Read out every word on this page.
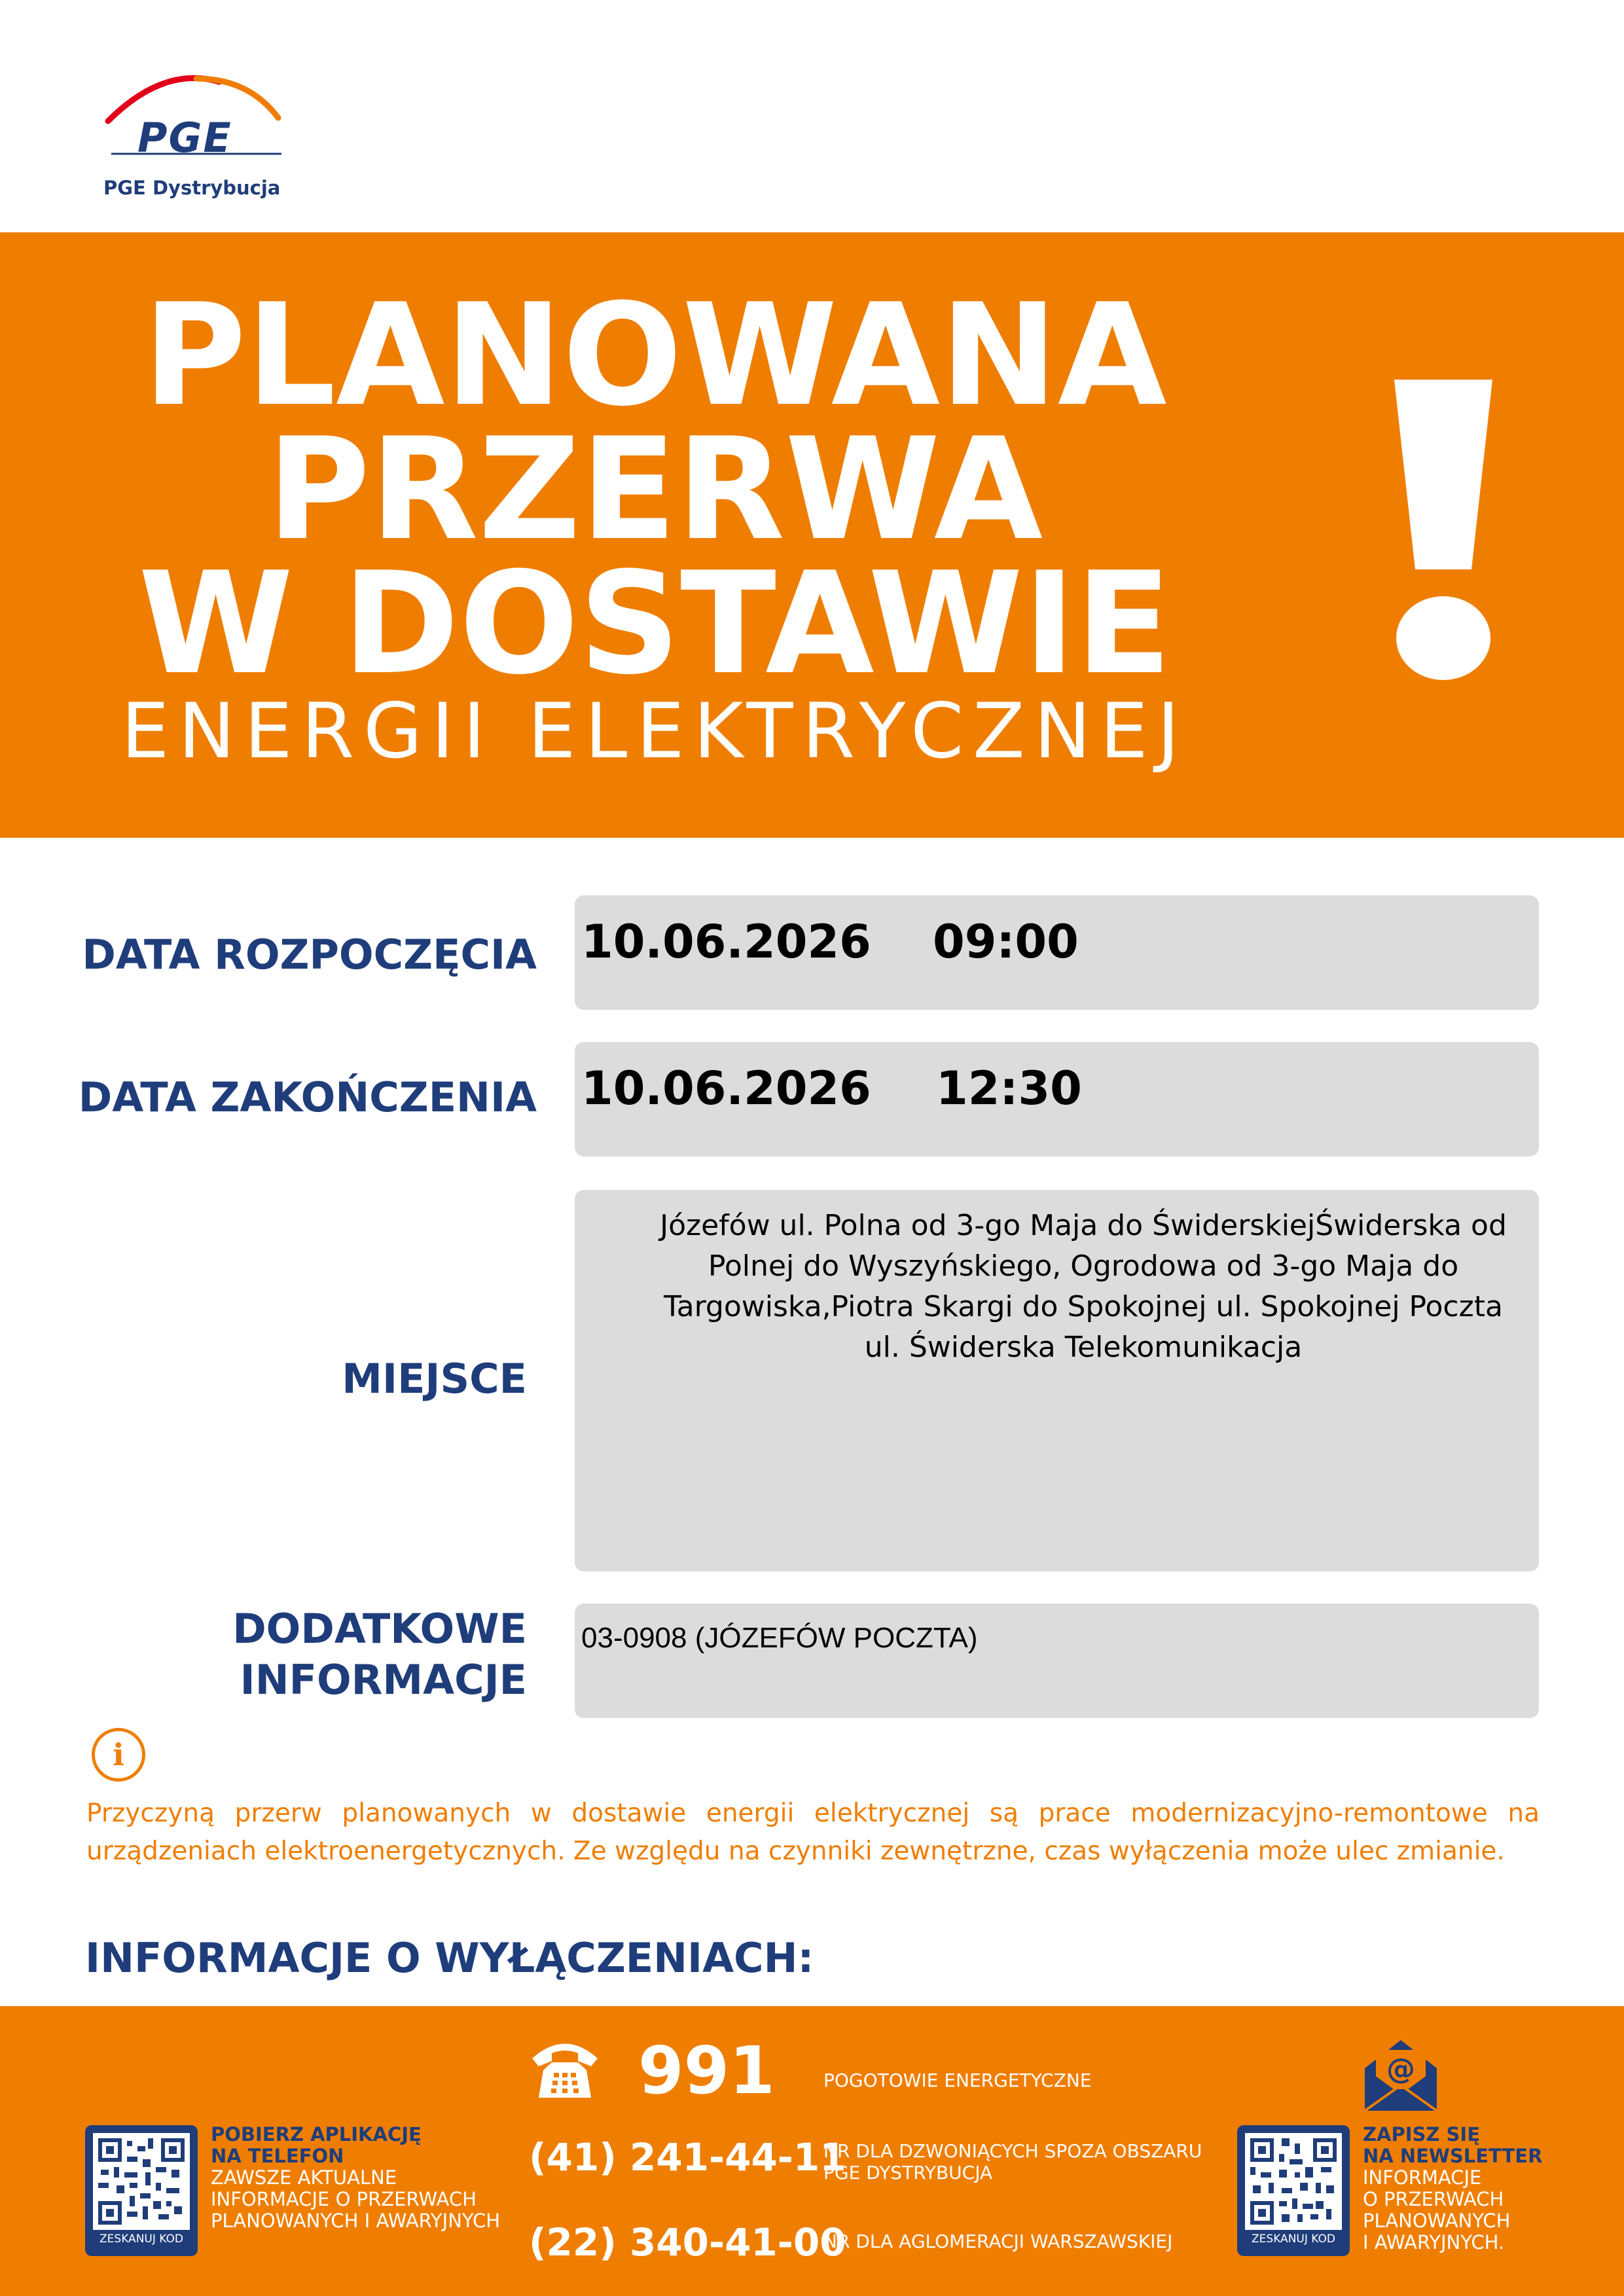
PGE
PGE Dystrybucja
PLANOWANA
PRZERWA
W DOSTAWIE
ENERGII ELEKTRYCZNEJ
DATA ROZPOCZĘCIA
DATA ZAKOŃCZENIA
MIEJSCE
DODATKOWE
INFORMACJE
10.06.2026 09:00
10.06.2026 12:30
Józefów ul. Polna od 3-go Maja do ŚwiderskiejŚwiderska od
Polnej do Wyszyńskiego, Ogrodowa od 3-go Maja do
Targowiska,Piotra Skargi do Spokojnej ul. Spokojnej Poczta
ul. Świderska Telekomunikacja
03-0908 (JÓZEFÓW POCZTA)
i
Przyczyną przerw planowanych w dostawie energii elektrycznej są prace modernizacyjno-remontowe na
urządzeniach elektroenergetycznych. Ze względu na czynniki zewnętrzne, czas wyłączenia może ulec zmianie.
INFORMACJE O WYŁĄCZENIACH:
ZESKANUJ KOD
POBIERZ APLIKACJĘ
NA TELEFON
ZAWSZE AKTUALNE
INFORMACJE O PRZERWACH
PLANOWANYCH I AWARYJNYCH
991	POGOTOWIE ENERGETYCZNE
(41) 241-44-11
NR DLA DZWONIĄCYCH SPOZA OBSZARU
PGE DYSTRYBUCJA
(22) 340-41-00
NR DLA AGLOMERACJI WARSZAWSKIEJ
@
ZESKANUJ KOD
ZAPISZ SIĘ
NA NEWSLETTER
INFORMACJE
O PRZERWACH
PLANOWANYCH
I AWARYJNYCH.
